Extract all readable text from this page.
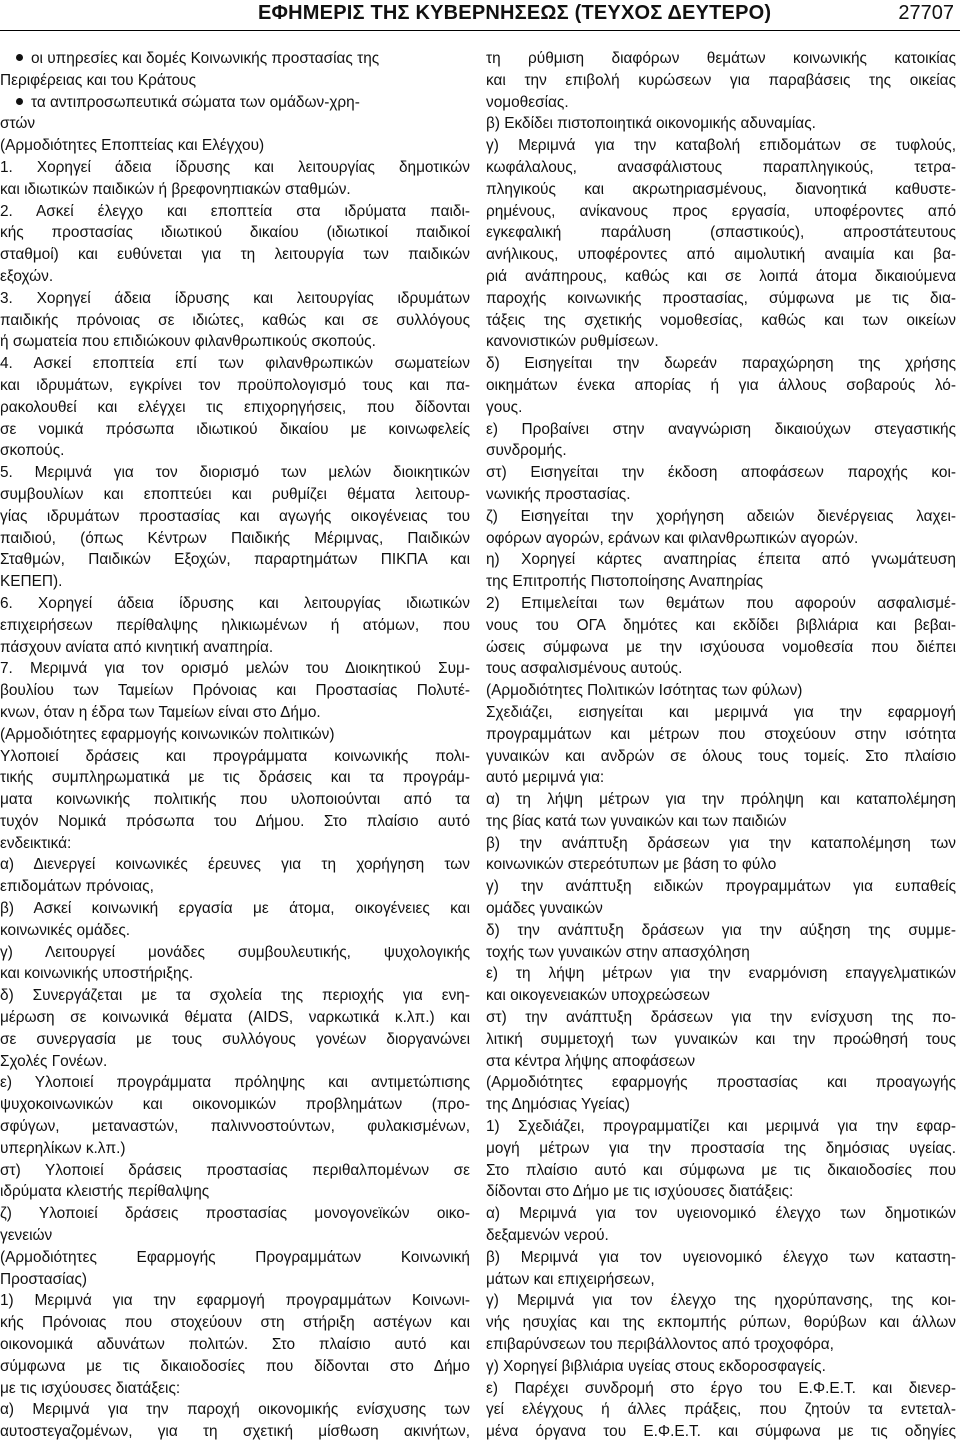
ΕΦΗΜΕΡΙΣ ΤΗΣ ΚΥΒΕΡΝΗΣΕΩΣ (ΤΕΥΧΟΣ ΔΕΥΤΕΡΟ)	27707
οι υπηρεσίες και δομές Κοινωνικής προστασίας της
Περιφέρειας και του Κράτους
τα αντιπροσωπευτικά σώματα των ομάδων-χρη-
στών
(Αρμοδιότητες Εποπτείας και Ελέγχου)
1. Χορηγεί άδεια ίδρυσης και λειτουργίας δημοτικών
και ιδιωτικών παιδικών ή βρεφονηπιακών σταθμών.
2. Ασκεί έλεγχο και εποπτεία στα ιδρύματα παιδι-
κής προστασίας ιδιωτικού δικαίου (ιδιωτικοί παιδικοί
σταθμοί) και ευθύνεται για τη λειτουργία των παιδικών
εξοχών.
3. Χορηγεί άδεια ίδρυσης και λειτουργίας ιδρυμάτων
παιδικής πρόνοιας σε ιδιώτες, καθώς και σε συλλόγους
ή σωματεία που επιδιώκουν φιλανθρωπικούς σκοπούς.
4. Ασκεί εποπτεία επί των φιλανθρωπικών σωματείων
και ιδρυμάτων, εγκρίνει τον προϋπολογισμό τους και πα-
ρακολουθεί και ελέγχει τις επιχορηγήσεις, που δίδονται
σε νομικά πρόσωπα ιδιωτικού δικαίου με κοινωφελείς
σκοπούς.
5. Μεριμνά για τον διορισμό των μελών διοικητικών
συμβουλίων και εποπτεύει και ρυθμίζει θέματα λειτουρ-
γίας ιδρυμάτων προστασίας και αγωγής οικογένειας του
παιδιού, (όπως Κέντρων Παιδικής Μέριμνας, Παιδικών
Σταθμών, Παιδικών Εξοχών, παραρτημάτων ΠΙΚΠΑ και
ΚΕΠΕΠ).
6. Χορηγεί άδεια ίδρυσης και λειτουργίας ιδιωτικών
επιχειρήσεων περίθαλψης ηλικιωμένων ή ατόμων, που
πάσχουν ανίατα από κινητική αναπηρία.
7. Μεριμνά για τον ορισμό μελών του Διοικητικού Συμ-
βουλίου των Ταμείων Πρόνοιας και Προστασίας Πολυτέ-
κνων, όταν η έδρα των Ταμείων είναι στο Δήμο.
(Αρμοδιότητες εφαρμογής κοινωνικών πολιτικών)
Υλοποιεί δράσεις και προγράμματα κοινωνικής πολι-
τικής συμπληρωματικά με τις δράσεις και τα προγράμ-
ματα κοινωνικής πολιτικής που υλοποιούνται από τα
τυχόν Νομικά πρόσωπα του Δήμου. Στο πλαίσιο αυτό
ενδεικτικά:
α) Διενεργεί κοινωνικές έρευνες για τη χορήγηση των
επιδομάτων πρόνοιας,
β) Ασκεί κοινωνική εργασία με άτομα, οικογένειες και
κοινωνικές ομάδες.
γ) Λειτουργεί μονάδες συμβουλευτικής, ψυχολογικής
και κοινωνικής υποστήριξης.
δ) Συνεργάζεται με τα σχολεία της περιοχής για ενη-
μέρωση σε κοινωνικά θέματα (AIDS, ναρκωτικά κ.λπ.) και
σε συνεργασία με τους συλλόγους γονέων διοργανώνει
Σχολές Γονέων.
ε) Υλοποιεί προγράμματα πρόληψης και αντιμετώπισης
ψυχοκοινωνικών και οικονομικών προβλημάτων (προ-
σφύγων, μεταναστών, παλιννοστούντων, φυλακισμένων,
υπερηλίκων κ.λπ.)
στ) Υλοποιεί δράσεις προστασίας περιθαλπομένων σε
ιδρύματα κλειστής περίθαλψης
ζ) Υλοποιεί δράσεις προστασίας μονογονεϊκών οικο-
γενειών
(Αρμοδιότητες Εφαρμογής Προγραμμάτων Κοινωνική
Προστασίας)
1) Μεριμνά για την εφαρμογή προγραμμάτων Κοινωνι-
κής Πρόνοιας που στοχεύουν στη στήριξη αστέγων και
οικονομικά αδυνάτων πολιτών. Στο πλαίσιο αυτό και
σύμφωνα με τις δικαιοδοσίες που δίδονται στο Δήμο
με τις ισχύουσες διατάξεις:
α) Μεριμνά για την παροχή οικονομικής ενίσχυσης των
αυτοστεγαζομένων, για τη σχετική μίσθωση ακινήτων,
τη ρύθμιση διαφόρων θεμάτων κοινωνικής κατοικίας
και την επιβολή κυρώσεων για παραβάσεις της οικείας
νομοθεσίας.
β) Εκδίδει πιστοποιητικά οικονομικής αδυναμίας.
γ) Μεριμνά για την καταβολή επιδομάτων σε τυφλούς,
κωφάλαλους, ανασφάλιστους παραπληγικούς, τετρα-
πληγικούς και ακρωτηριασμένους, διανοητικά καθυστε-
ρημένους, ανίκανους προς εργασία, υποφέροντες από
εγκεφαλική παράλυση (σπαστικούς), απροστάτευτους
ανήλικους, υποφέροντες από αιμολυτική αναιμία και βα-
ριά ανάπηρους, καθώς και σε λοιπά άτομα δικαιούμενα
παροχής κοινωνικής προστασίας, σύμφωνα με τις δια-
τάξεις της σχετικής νομοθεσίας, καθώς και των οικείων
κανονιστικών ρυθμίσεων.
δ) Εισηγείται την δωρεάν παραχώρηση της χρήσης
οικημάτων ένεκα απορίας ή για άλλους σοβαρούς λό-
γους.
ε) Προβαίνει στην αναγνώριση δικαιούχων στεγαστικής
συνδρομής.
στ) Εισηγείται την έκδοση αποφάσεων παροχής κοι-
νωνικής προστασίας.
ζ) Εισηγείται την χορήγηση αδειών διενέργειας λαχει-
οφόρων αγορών, εράνων και φιλανθρωπικών αγορών.
η) Χορηγεί κάρτες αναπηρίας έπειτα από γνωμάτευση
της Επιτροπής Πιστοποίησης Αναπηρίας
2) Επιμελείται των θεμάτων που αφορούν ασφαλισμέ-
νους του ΟΓΑ δημότες και εκδίδει βιβλιάρια και βεβαι-
ώσεις σύμφωνα με την ισχύουσα νομοθεσία που διέπει
τους ασφαλισμένους αυτούς.
(Αρμοδιότητες Πολιτικών Ισότητας των φύλων)
Σχεδιάζει, εισηγείται και μεριμνά για την εφαρμογή
προγραμμάτων και μέτρων που στοχεύουν στην ισότητα
γυναικών και ανδρών σε όλους τους τομείς. Στο πλαίσιο
αυτό μεριμνά για:
α) τη λήψη μέτρων για την πρόληψη και καταπολέμηση
της βίας κατά των γυναικών και των παιδιών
β) την ανάπτυξη δράσεων για την καταπολέμηση των
κοινωνικών στερεότυπων με βάση το φύλο
γ) την ανάπτυξη ειδικών προγραμμάτων για ευπαθείς
ομάδες γυναικών
δ) την ανάπτυξη δράσεων για την αύξηση της συμμε-
τοχής των γυναικών στην απασχόληση
ε) τη λήψη μέτρων για την εναρμόνιση επαγγελματικών
και οικογενειακών υποχρεώσεων
στ) την ανάπτυξη δράσεων για την ενίσχυση της πο-
λιτική συμμετοχή των γυναικών και την προώθησή τους
στα κέντρα λήψης αποφάσεων
(Αρμοδιότητες εφαρμογής προστασίας και προαγωγής
της Δημόσιας Υγείας)
1) Σχεδιάζει, προγραμματίζει και μεριμνά για την εφαρ-
μογή μέτρων για την προστασία της δημόσιας υγείας.
Στο πλαίσιο αυτό και σύμφωνα με τις δικαιοδοσίες που
δίδονται στο Δήμο με τις ισχύουσες διατάξεις:
α) Μεριμνά για τον υγειονομικό έλεγχο των δημοτικών
δεξαμενών νερού.
β) Μεριμνά για τον υγειονομικό έλεγχο των καταστη-
μάτων και επιχειρήσεων,
γ) Μεριμνά για τον έλεγχο της ηχορύπανσης, της κοι-
νής ησυχίας και της εκπομπής ρύπων, θορύβων και άλλων
επιβαρύνσεων του περιβάλλοντος από τροχοφόρα,
γ) Χορηγεί βιβλιάρια υγείας στους εκδοροσφαγείς.
ε) Παρέχει συνδρομή στο έργο του Ε.Φ.Ε.Τ. και διενερ-
γεί ελέγχους ή άλλες πράξεις, που ζητούν τα εντεταλ-
μένα όργανα του Ε.Φ.Ε.Τ. και σύμφωνα με τις οδηγίες
